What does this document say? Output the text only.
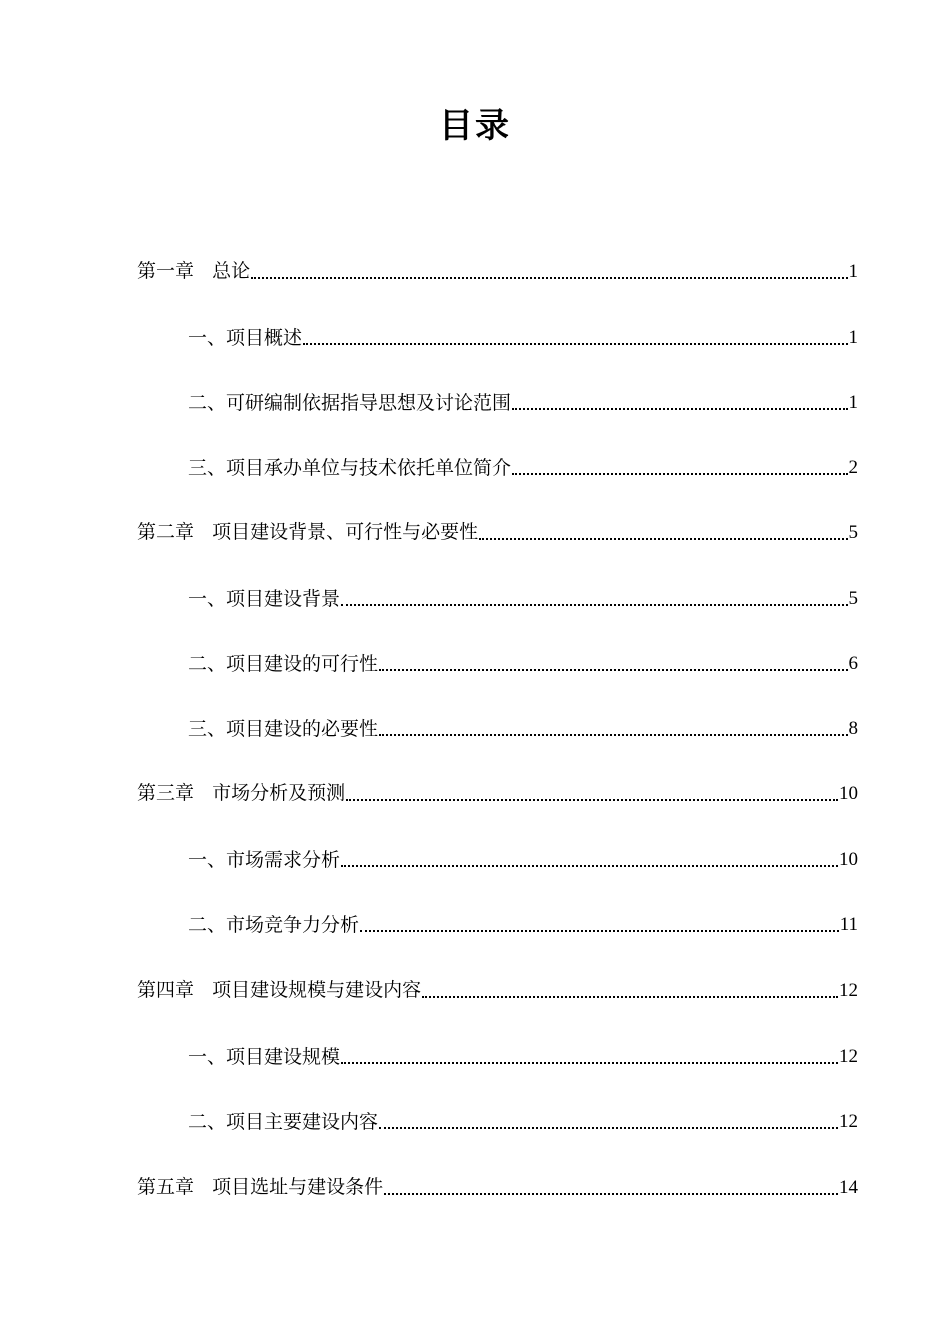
目录
第一章 总论	1
一、项目概述	1
二、可研编制依据指导思想及讨论范围	1
三、项目承办单位与技术依托单位简介	2
第二章 项目建设背景、可行性与必要性	5
一、项目建设背景	5
二、项目建设的可行性	6
三、项目建设的必要性	8
第三章 市场分析及预测	10
一、市场需求分析	10
二、市场竞争力分析	11
第四章 项目建设规模与建设内容	12
一、项目建设规模	12
二、项目主要建设内容	12
第五章 项目选址与建设条件	14
